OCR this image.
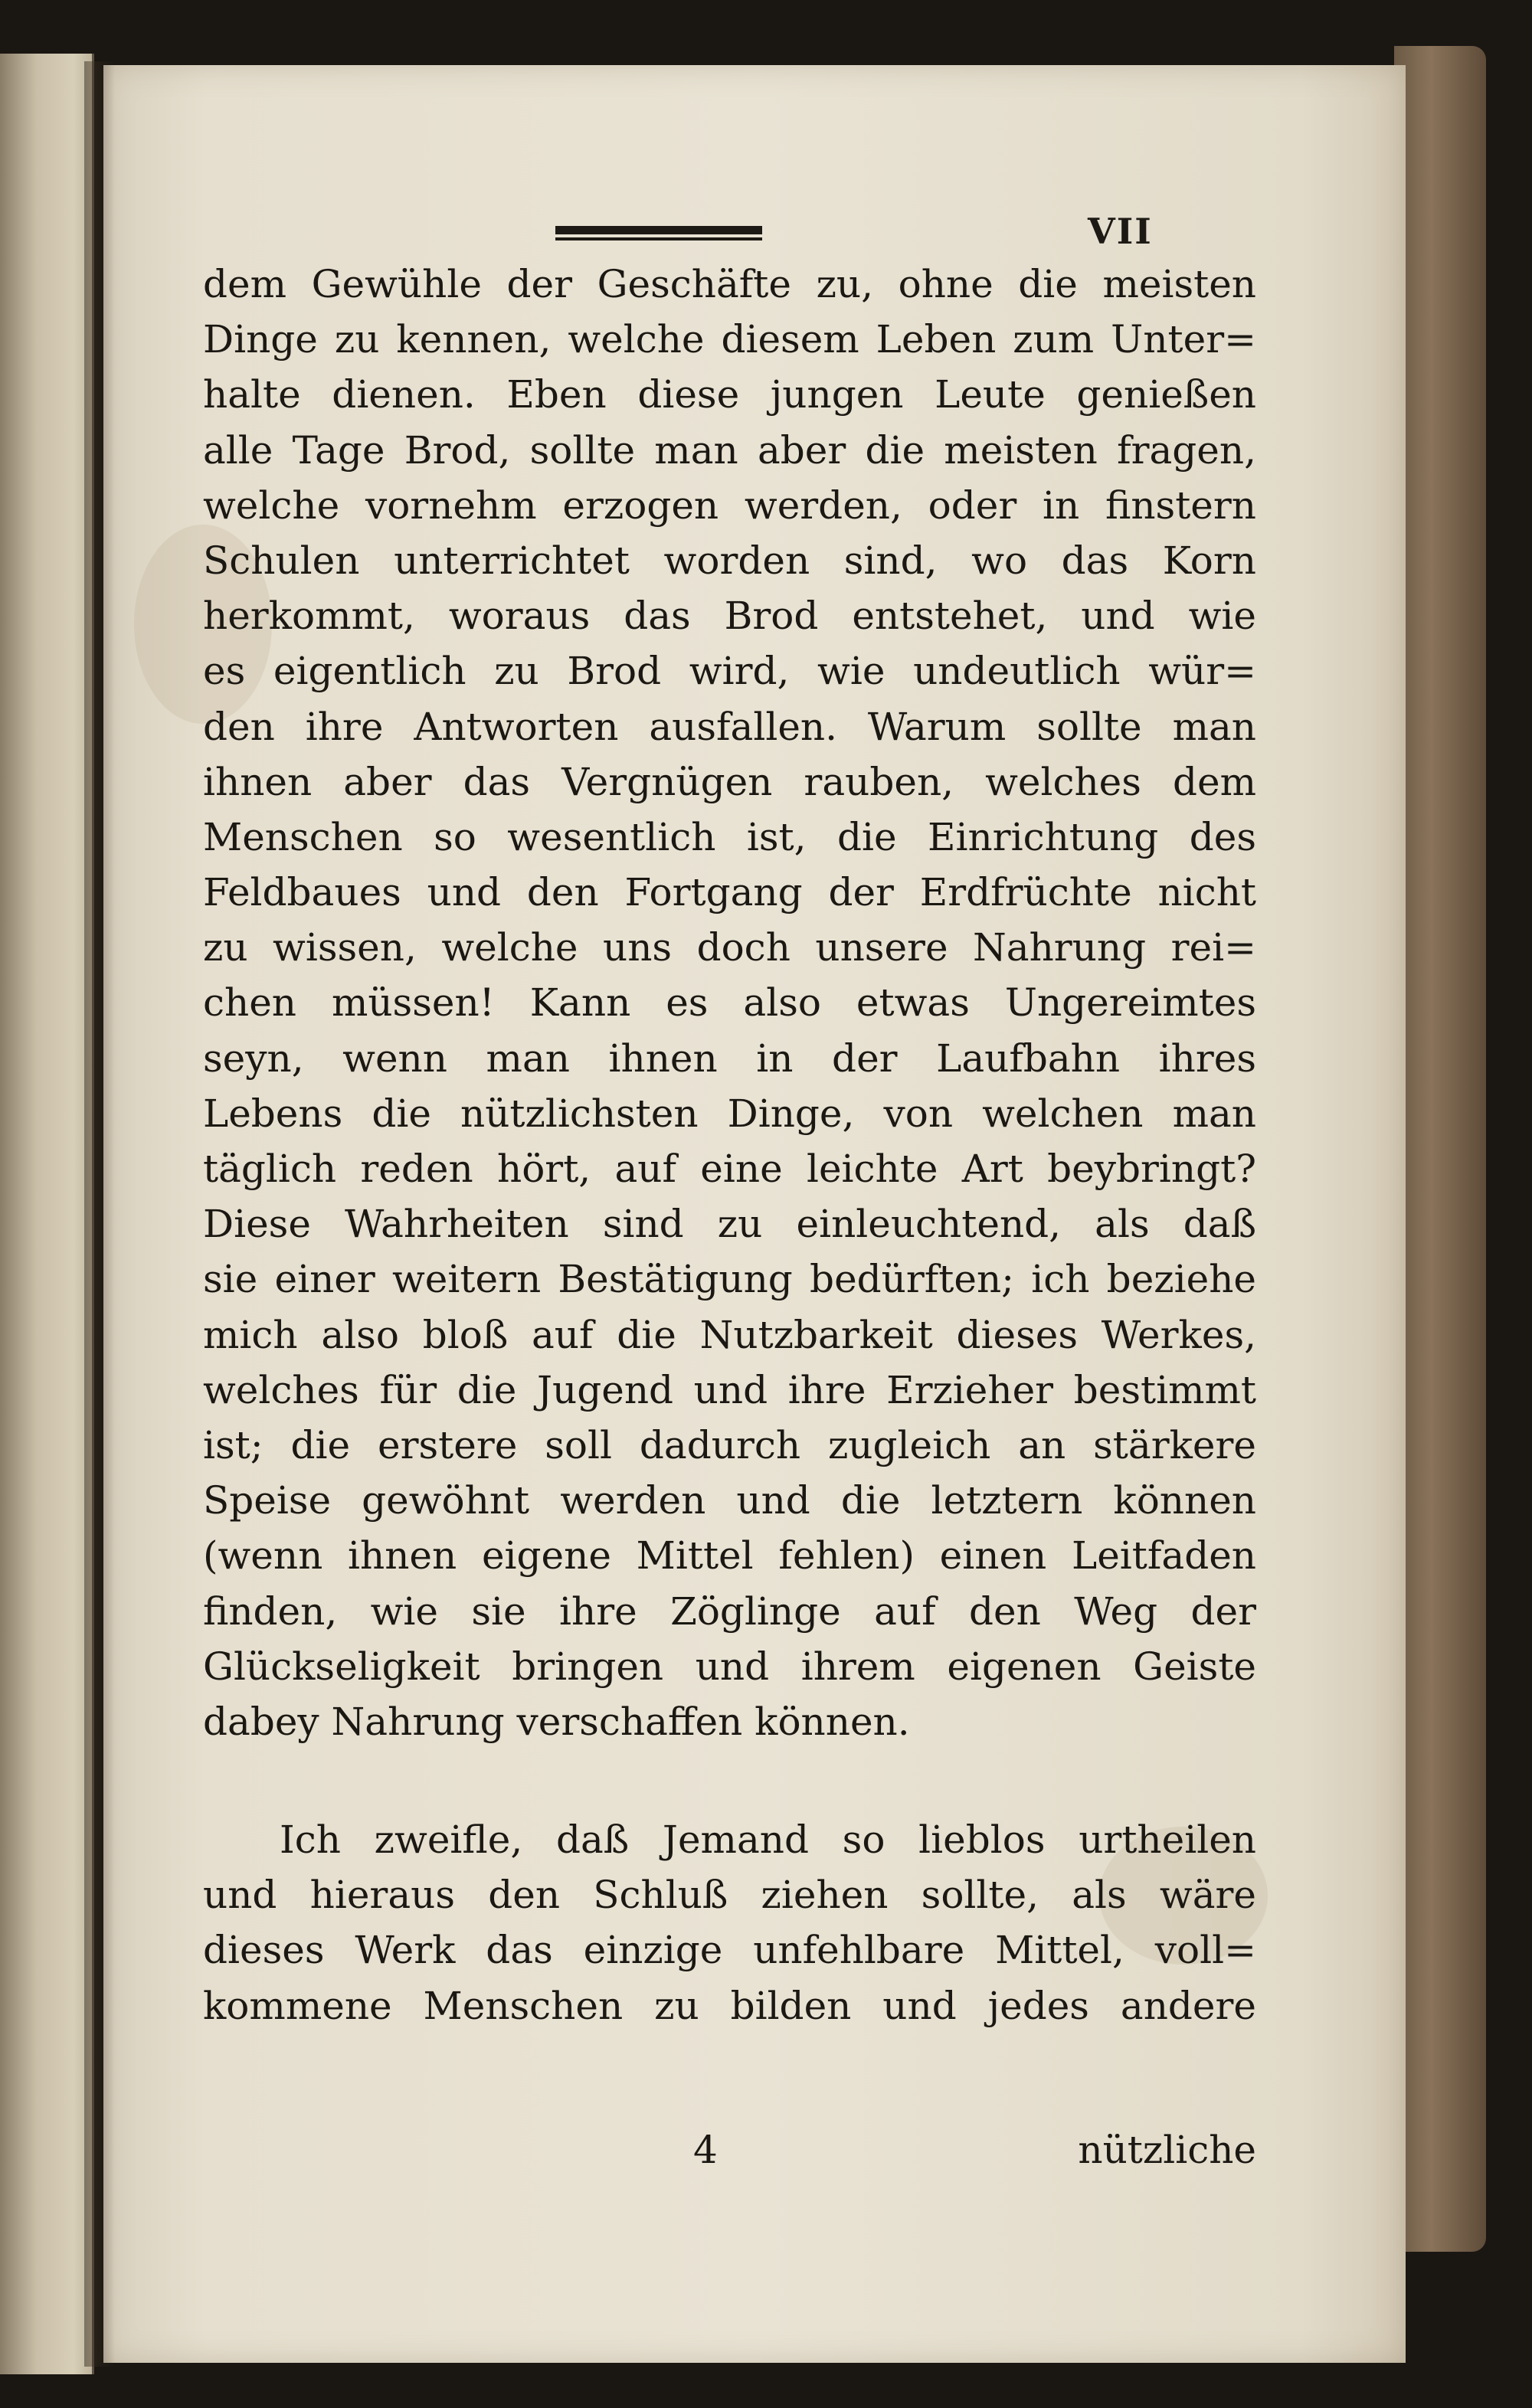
VII
dem Gewühle der Geschäfte zu, ohne die meisten
Dinge zu kennen, welche diesem Leben zum Unter=
halte dienen. Eben diese jungen Leute genießen
alle Tage Brod, sollte man aber die meisten fragen,
welche vornehm erzogen werden, oder in finstern
Schulen unterrichtet worden sind, wo das Korn
herkommt, woraus das Brod entstehet, und wie
es eigentlich zu Brod wird, wie undeutlich wür=
den ihre Antworten ausfallen. Warum sollte man
ihnen aber das Vergnügen rauben, welches dem
Menschen so wesentlich ist, die Einrichtung des
Feldbaues und den Fortgang der Erdfrüchte nicht
zu wissen, welche uns doch unsere Nahrung rei=
chen müssen! Kann es also etwas Ungereimtes
seyn, wenn man ihnen in der Laufbahn ihres
Lebens die nützlichsten Dinge, von welchen man
täglich reden hört, auf eine leichte Art beybringt?
Diese Wahrheiten sind zu einleuchtend, als daß
sie einer weitern Bestätigung bedürften; ich beziehe
mich also bloß auf die Nutzbarkeit dieses Werkes,
welches für die Jugend und ihre Erzieher bestimmt
ist; die erstere soll dadurch zugleich an stärkere
Speise gewöhnt werden und die letztern können
(wenn ihnen eigene Mittel fehlen) einen Leitfaden
finden, wie sie ihre Zöglinge auf den Weg der
Glückseligkeit bringen und ihrem eigenen Geiste
dabey Nahrung verschaffen können.
Ich zweifle, daß Jemand so lieblos urtheilen
und hieraus den Schluß ziehen sollte, als wäre
dieses Werk das einzige unfehlbare Mittel, voll=
kommene Menschen zu bilden und jedes andere
4	nützliche
